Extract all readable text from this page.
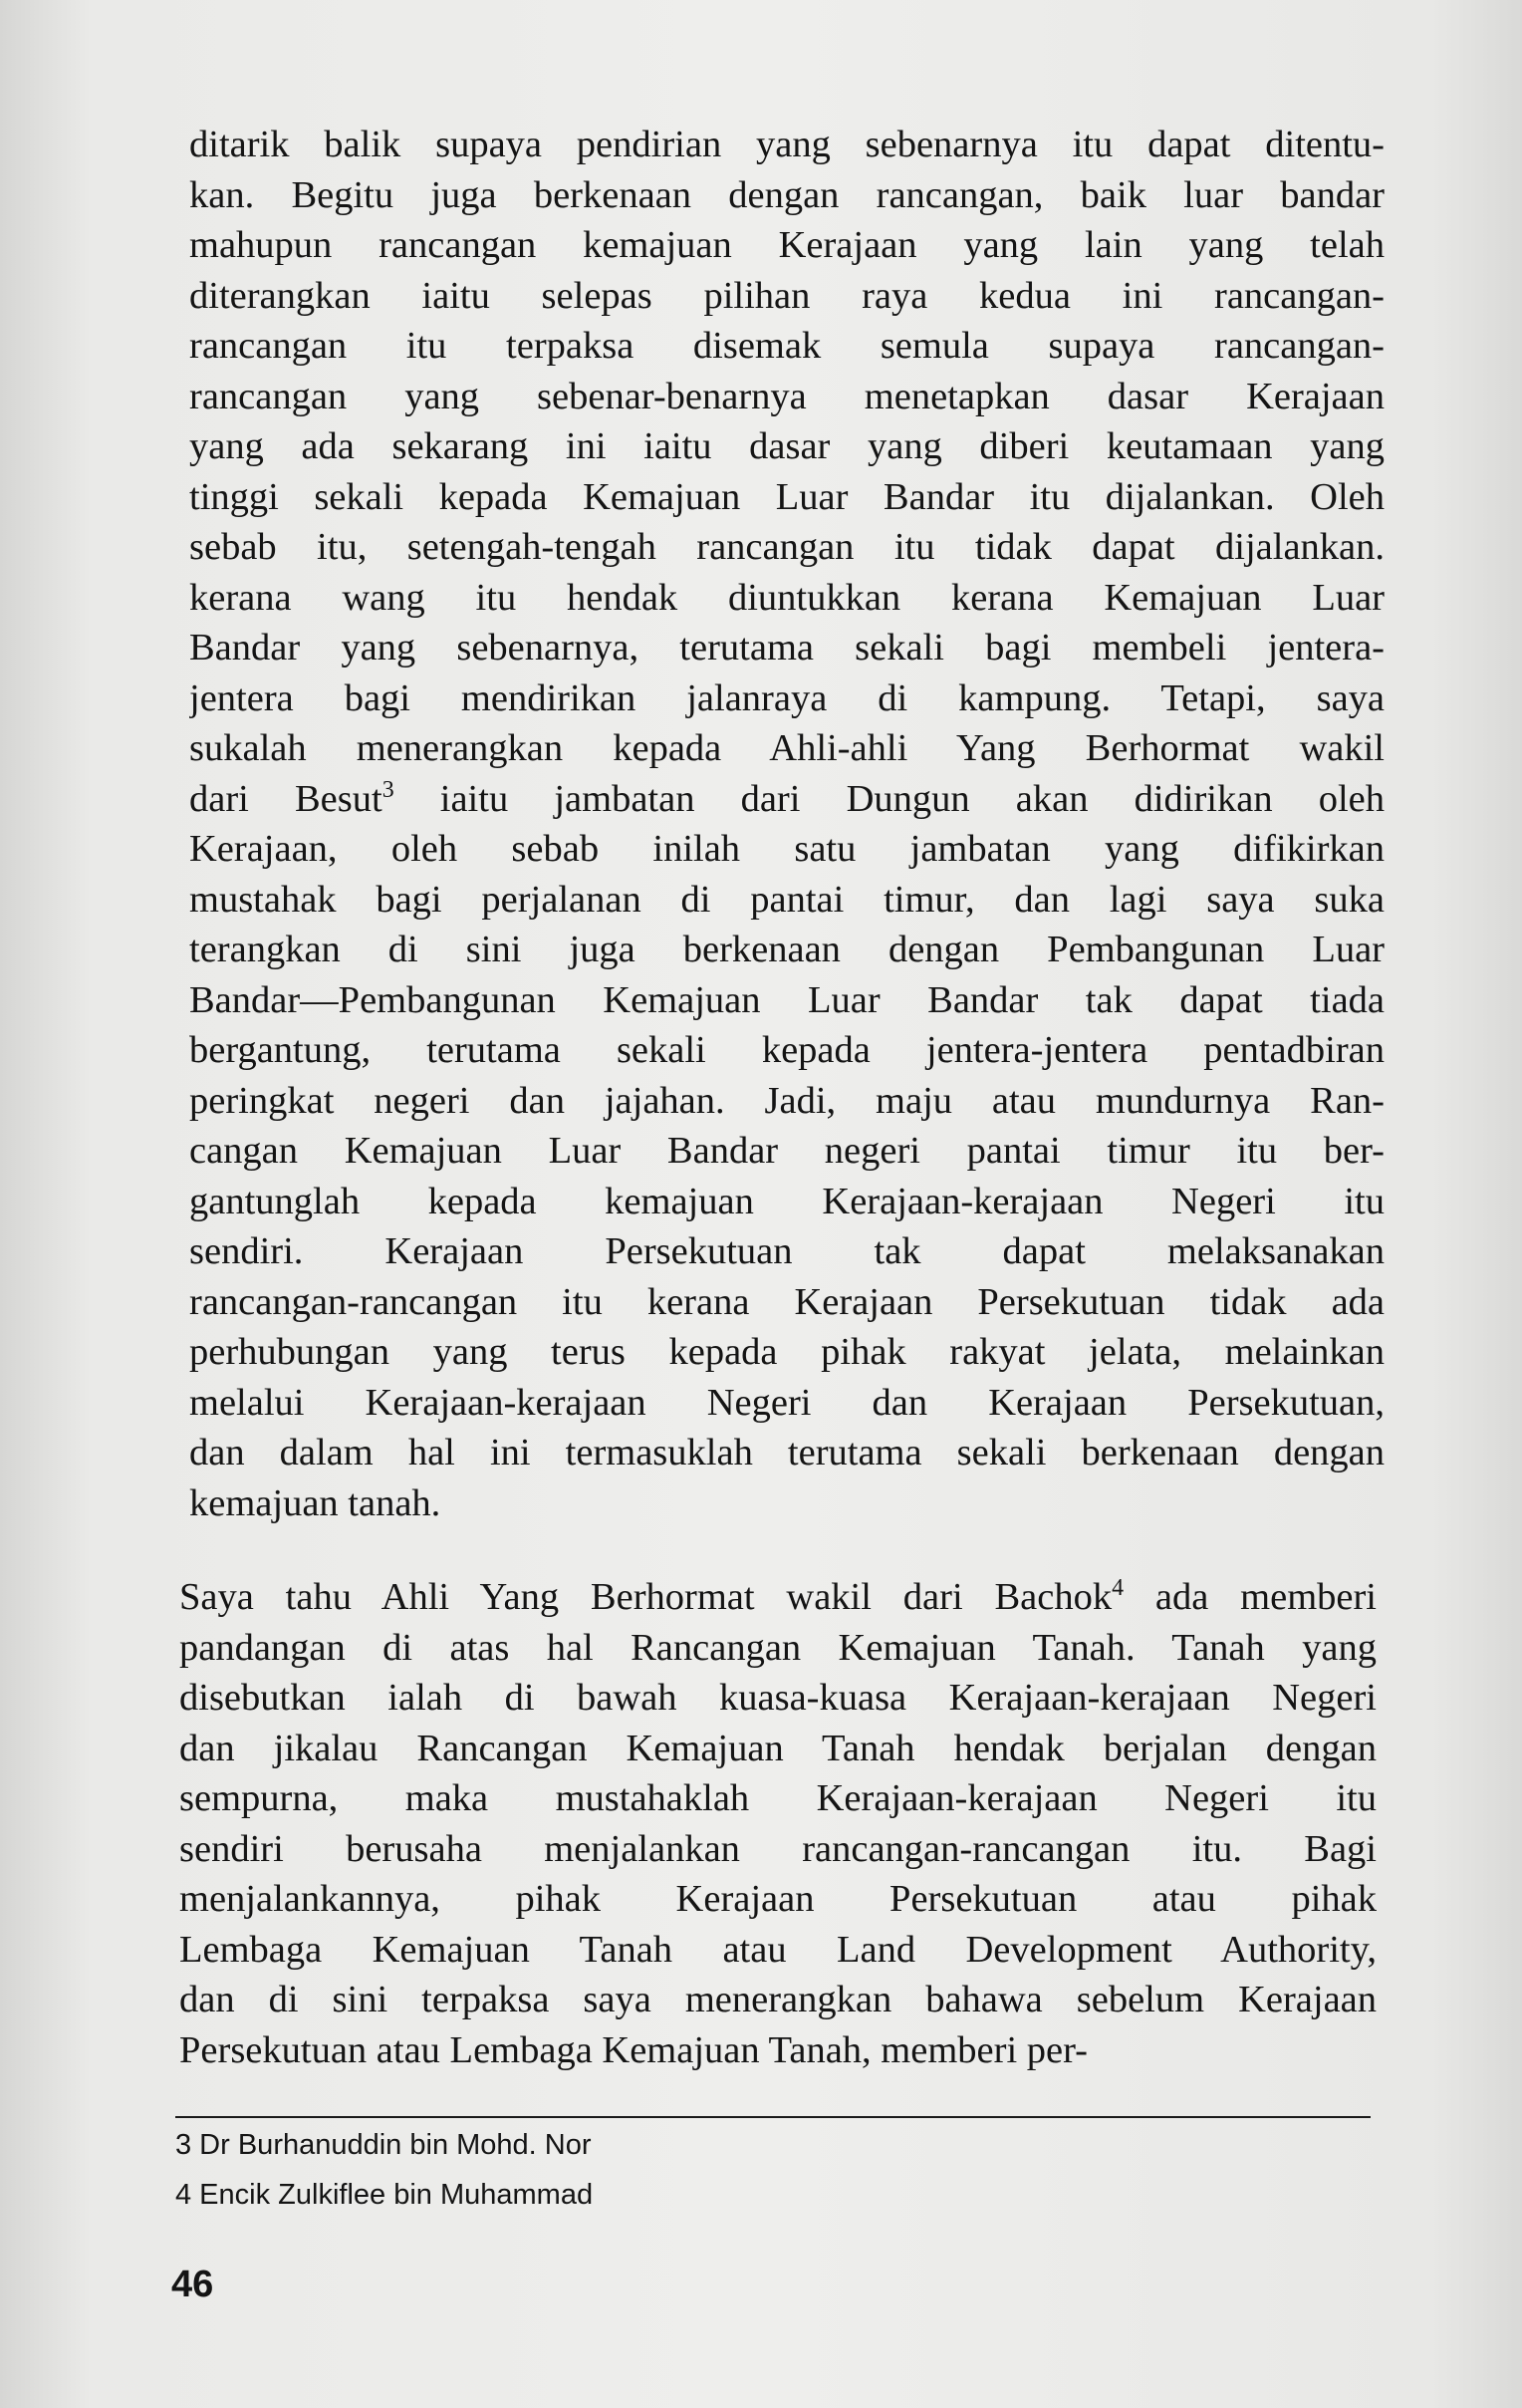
ditarik balik supaya pendirian yang sebenarnya itu dapat ditentu-
kan. Begitu juga berkenaan dengan rancangan, baik luar bandar
mahupun rancangan kemajuan Kerajaan yang lain yang telah
diterangkan iaitu selepas pilihan raya kedua ini rancangan-
rancangan itu terpaksa disemak semula supaya rancangan-
rancangan yang sebenar-benarnya menetapkan dasar Kerajaan
yang ada sekarang ini iaitu dasar yang diberi keutamaan yang
tinggi sekali kepada Kemajuan Luar Bandar itu dijalankan. Oleh
sebab itu, setengah-tengah rancangan itu tidak dapat dijalankan.
kerana wang itu hendak diuntukkan kerana Kemajuan Luar
Bandar yang sebenarnya, terutama sekali bagi membeli jentera-
jentera bagi mendirikan jalanraya di kampung. Tetapi, saya
sukalah menerangkan kepada Ahli-ahli Yang Berhormat wakil
dari Besut$^3$ iaitu jambatan dari Dungun akan didirikan oleh
Kerajaan, oleh sebab inilah satu jambatan yang difikirkan
mustahak bagi perjalanan di pantai timur, dan lagi saya suka
terangkan di sini juga berkenaan dengan Pembangunan Luar
Bandar—Pembangunan Kemajuan Luar Bandar tak dapat tiada
bergantung, terutama sekali kepada jentera-jentera pentadbiran
peringkat negeri dan jajahan. Jadi, maju atau mundurnya Ran-
cangan Kemajuan Luar Bandar negeri pantai timur itu ber-
gantunglah kepada kemajuan Kerajaan-kerajaan Negeri itu
sendiri. Kerajaan Persekutuan tak dapat melaksanakan
rancangan-rancangan itu kerana Kerajaan Persekutuan tidak ada
perhubungan yang terus kepada pihak rakyat jelata, melainkan
melalui Kerajaan-kerajaan Negeri dan Kerajaan Persekutuan,
dan dalam hal ini termasuklah terutama sekali berkenaan dengan
kemajuan tanah.
Saya tahu Ahli Yang Berhormat wakil dari Bachok$^4$ ada memberi
pandangan di atas hal Rancangan Kemajuan Tanah. Tanah yang
disebutkan ialah di bawah kuasa-kuasa Kerajaan-kerajaan Negeri
dan jikalau Rancangan Kemajuan Tanah hendak berjalan dengan
sempurna, maka mustahaklah Kerajaan-kerajaan Negeri itu
sendiri berusaha menjalankan rancangan-rancangan itu. Bagi
menjalankannya, pihak Kerajaan Persekutuan atau pihak
Lembaga Kemajuan Tanah atau Land Development Authority,
dan di sini terpaksa saya menerangkan bahawa sebelum Kerajaan
Persekutuan atau Lembaga Kemajuan Tanah, memberi per-
3 Dr Burhanuddin bin Mohd. Nor
4 Encik Zulkiflee bin Muhammad
46
